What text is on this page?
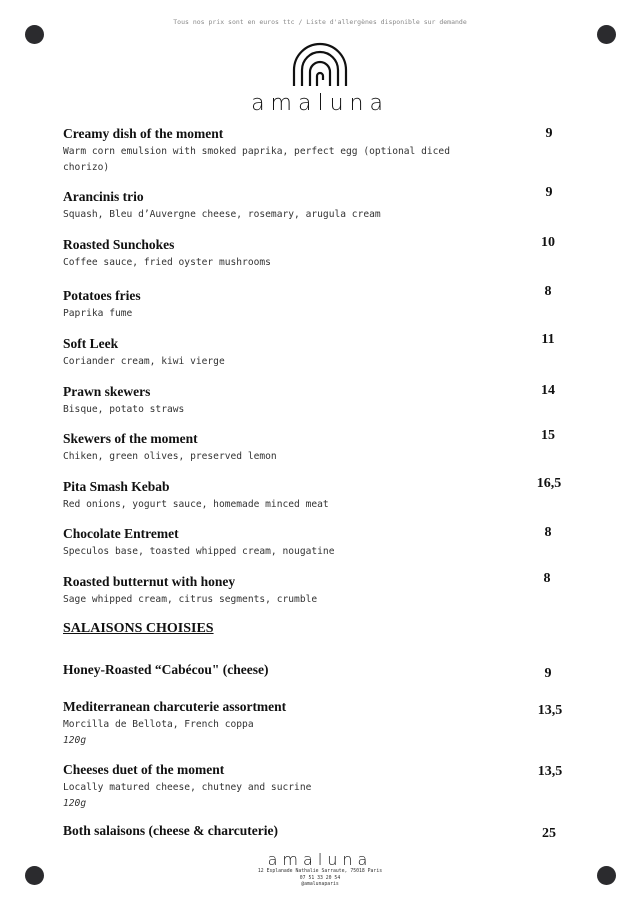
Tous nos prix sont en euros ttc / Liste d'allergènes disponible sur demande
amaluna
Creamy dish of the moment
Warm corn emulsion with smoked paprika, perfect egg (optional diced chorizo)
9
Arancinis trio
Squash, Bleu d’Auvergne cheese, rosemary, arugula cream
9
Roasted Sunchokes
Coffee sauce, fried oyster mushrooms
10
Potatoes fries
Paprika fume
8
Soft Leek
Coriander cream, kiwi vierge
11
Prawn skewers
Bisque, potato straws
14
Skewers of the moment
Chiken, green olives, preserved lemon
15
Pita Smash Kebab
Red onions, yogurt sauce, homemade minced meat
16,5
Chocolate Entremet
Speculos base, toasted whipped cream, nougatine
8
Roasted butternut with honey
Sage whipped cream, citrus segments, crumble
8
SALAISONS CHOISIES
Honey-Roasted “Cabécou" (cheese)	9
Mediterranean charcuterie assortment
Morcilla de Bellota, French coppa
120g
13,5
Cheeses duet of the moment
Locally matured cheese, chutney and sucrine
120g
13,5
Both salaisons (cheese & charcuterie)	25
amaluna
12 Esplanade Nathalie Sarraute, 75018 Paris
07 51 33 20 54
@amalunaparis
